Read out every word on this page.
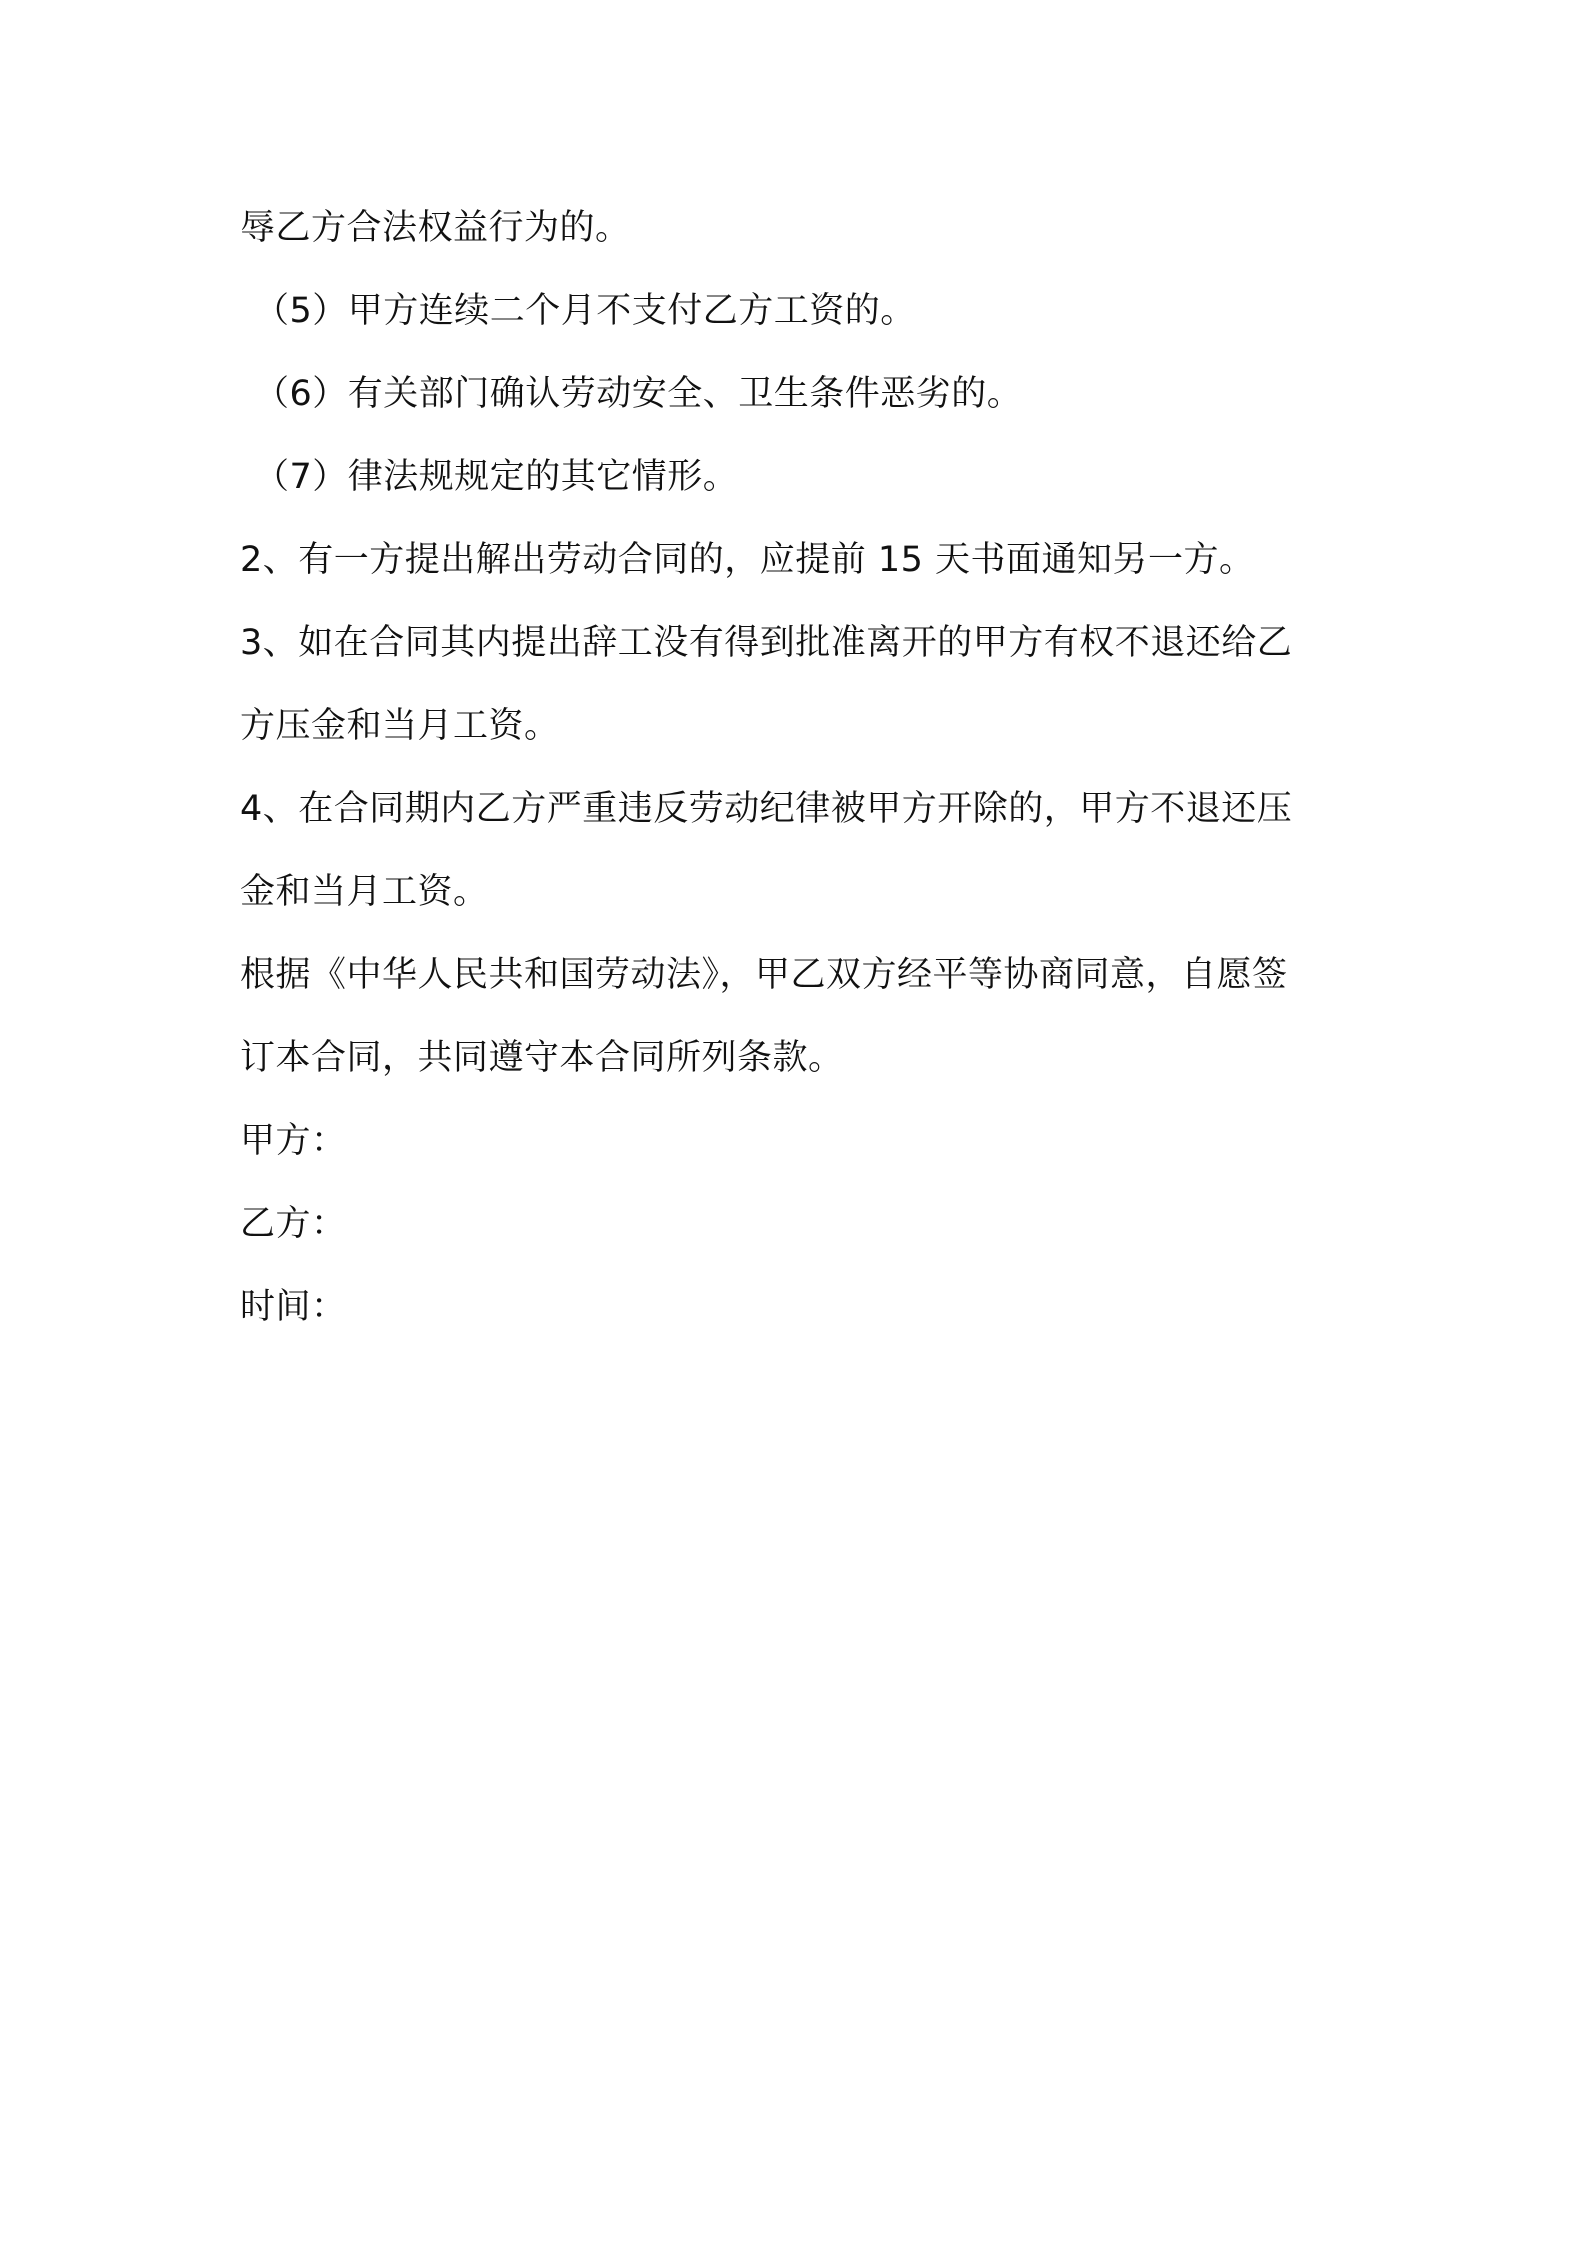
辱乙方合法权益行为的。
（5）甲方连续二个月不支付乙方工资的。
（6）有关部门确认劳动安全、卫生条件恶劣的。
（7）律法规规定的其它情形。
2、有一方提出解出劳动合同的，应提前 15 天书面通知另一方。
3、如在合同其内提出辞工没有得到批准离开的甲方有权不退还给乙
方压金和当月工资。
4、在合同期内乙方严重违反劳动纪律被甲方开除的，甲方不退还压
金和当月工资。
根据《中华人民共和国劳动法》，甲乙双方经平等协商同意，自愿签
订本合同，共同遵守本合同所列条款。
甲方：
乙方：
时间：
